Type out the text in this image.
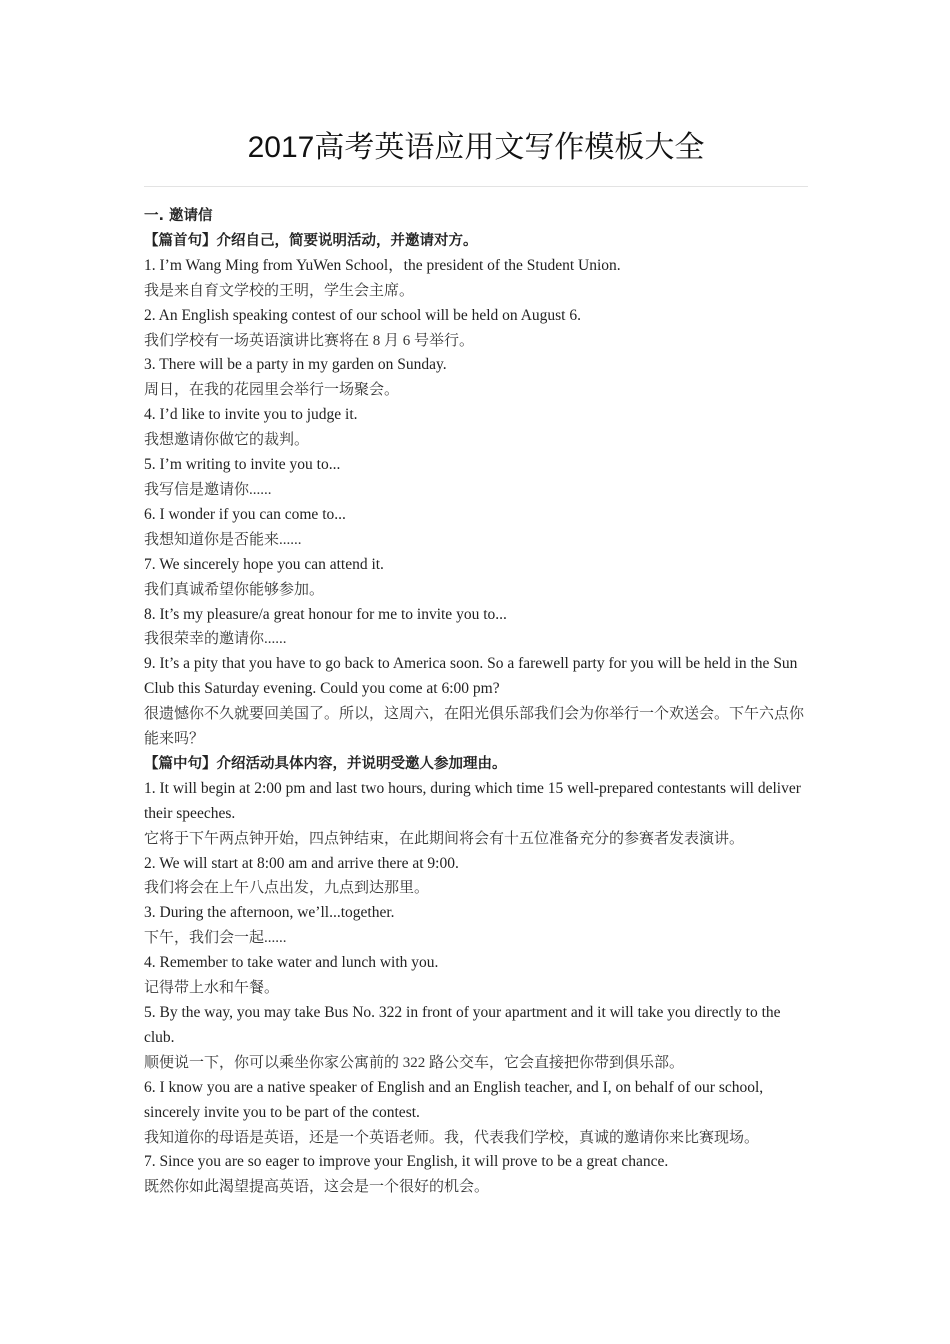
2017高考英语应用文写作模板大全

一. 邀请信

【篇首句】介绍自己，简要说明活动，并邀请对方。

1. I’m Wang Ming from YuWen School，the president of the Student Union.

我是来自育文学校的王明，学生会主席。

2. An English speaking contest of our school will be held on August 6.

我们学校有一场英语演讲比赛将在 8 月 6 号举行。

3. There will be a party in my garden on Sunday.

周日，在我的花园里会举行一场聚会。

4. I’d like to invite you to judge it.

我想邀请你做它的裁判。

5. I’m writing to invite you to...

我写信是邀请你......

6. I wonder if you can come to...

我想知道你是否能来......

7. We sincerely hope you can attend it.

我们真诚希望你能够参加。

8. It’s my pleasure/a great honour for me to invite you to...

我很荣幸的邀请你......

9. It’s a pity that you have to go back to America soon. So a farewell party for you will be held in the Sun Club this Saturday evening. Could you come at 6:00 pm?

很遗憾你不久就要回美国了。所以，这周六，在阳光俱乐部我们会为你举行一个欢送会。下午六点你能来吗？

【篇中句】介绍活动具体内容，并说明受邀人参加理由。

1. It will begin at 2:00 pm and last two hours, during which time 15 well-prepared contestants will deliver their speeches.

它将于下午两点钟开始，四点钟结束，在此期间将会有十五位准备充分的参赛者发表演讲。

2. We will start at 8:00 am and arrive there at 9:00.

我们将会在上午八点出发，九点到达那里。

3. During the afternoon, we’ll...together.

下午，我们会一起......

4. Remember to take water and lunch with you.

记得带上水和午餐。

5. By the way, you may take Bus No. 322 in front of your apartment and it will take you directly to the club.

顺便说一下，你可以乘坐你家公寓前的 322 路公交车，它会直接把你带到俱乐部。

6. I know you are a native speaker of English and an English teacher, and I, on behalf of our school, sincerely invite you to be part of the contest.

我知道你的母语是英语，还是一个英语老师。我，代表我们学校，真诚的邀请你来比赛现场。

7. Since you are so eager to improve your English, it will prove to be a great chance.

既然你如此渴望提高英语，这会是一个很好的机会。
